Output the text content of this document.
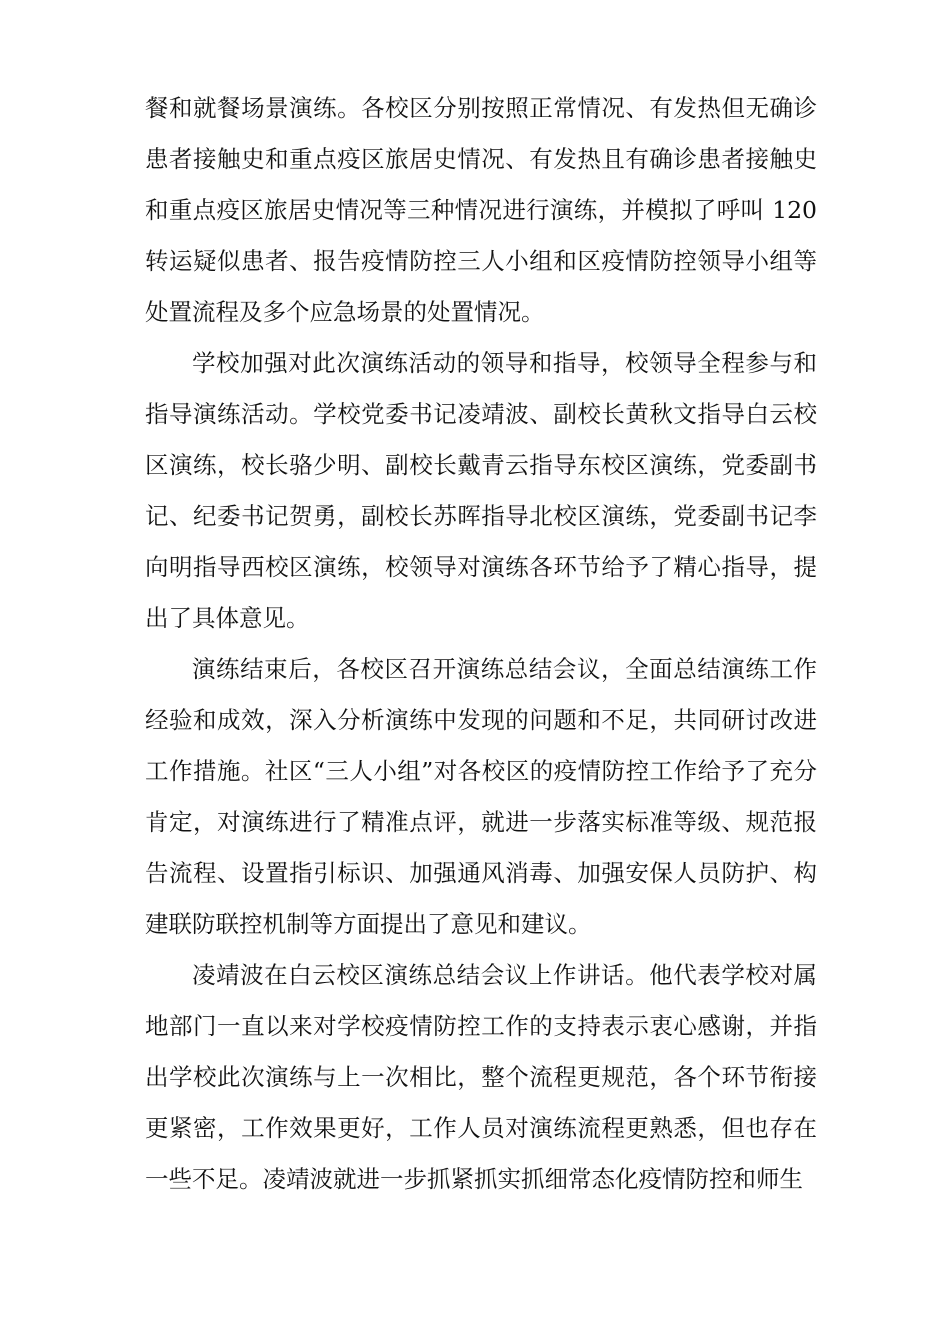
餐和就餐场景演练。各校区分别按照正常情况、有发热但无确诊患者接触史和重点疫区旅居史情况、有发热且有确诊患者接触史和重点疫区旅居史情况等三种情况进行演练，并模拟了呼叫 120转运疑似患者、报告疫情防控三人小组和区疫情防控领导小组等处置流程及多个应急场景的处置情况。

学校加强对此次演练活动的领导和指导，校领导全程参与和指导演练活动。学校党委书记凌靖波、副校长黄秋文指导白云校区演练，校长骆少明、副校长戴青云指导东校区演练，党委副书记、纪委书记贺勇，副校长苏晖指导北校区演练，党委副书记李向明指导西校区演练，校领导对演练各环节给予了精心指导，提出了具体意见。

演练结束后，各校区召开演练总结会议，全面总结演练工作经验和成效，深入分析演练中发现的问题和不足，共同研讨改进工作措施。社区“三人小组”对各校区的疫情防控工作给予了充分肯定，对演练进行了精准点评，就进一步落实标准等级、规范报告流程、设置指引标识、加强通风消毒、加强安保人员防护、构建联防联控机制等方面提出了意见和建议。

凌靖波在白云校区演练总结会议上作讲话。他代表学校对属地部门一直以来对学校疫情防控工作的支持表示衷心感谢，并指出学校此次演练与上一次相比，整个流程更规范，各个环节衔接更紧密，工作效果更好，工作人员对演练流程更熟悉，但也存在一些不足。凌靖波就进一步抓紧抓实抓细常态化疫情防控和师生
